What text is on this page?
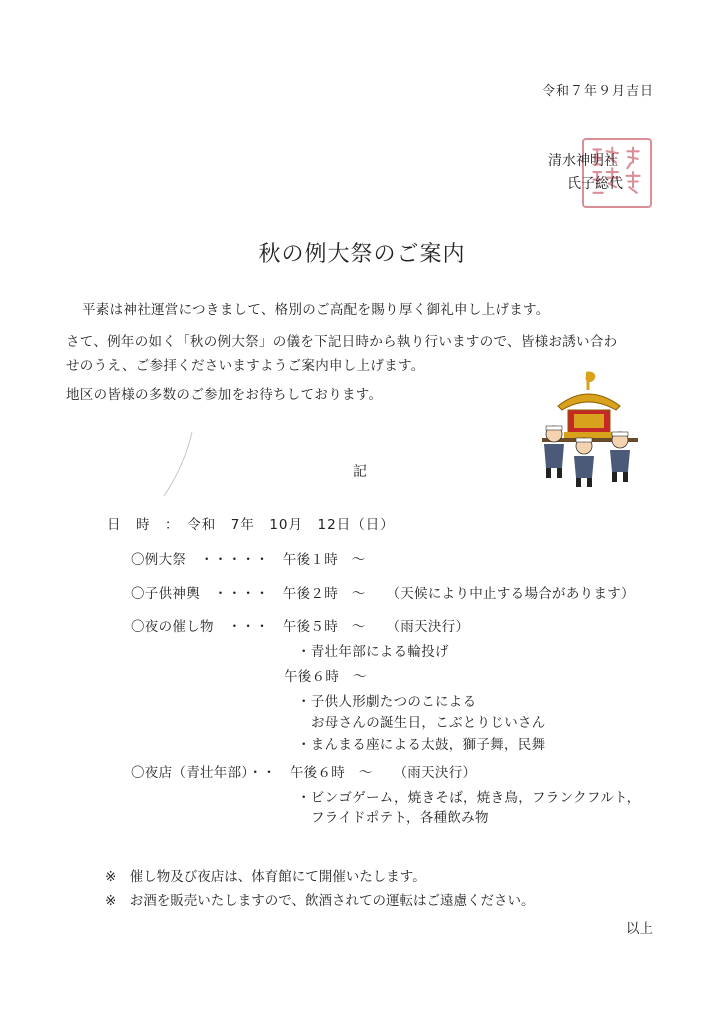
令和７年９月吉日
清水神明社
氏子総代
秋の例大祭のご案内
平素は神社運営につきまして、格別のご高配を賜り厚く御礼申し上げます。
さて、例年の如く「秋の例大祭」の儀を下記日時から執り行いますので、皆様お誘い合わ
せのうえ、ご参拝くださいますようご案内申し上げます。
地区の皆様の多数のご参加をお待ちしております。
記
日　時　：　令和　7年　10月　12日（日）
〇例大祭　・・・・・　午後１時　～
〇子供神輿　・・・・　午後２時　～　　（天候により中止する場合があります）
〇夜の催し物　・・・　午後５時　～　　（雨天決行）
・青壮年部による輪投げ
午後６時　～
・子供人形劇たつのこによる
お母さんの誕生日，こぶとりじいさん
・まんまる座による太鼓，獅子舞，民舞
〇夜店（青壮年部）・・　午後６時　～　　（雨天決行）
・ビンゴゲーム，焼きそば，焼き鳥，フランクフルト，
フライドポテト，各種飲み物
※　催し物及び夜店は、体育館にて開催いたします。
※　お酒を販売いたしますので、飲酒されての運転はご遠慮ください。
以上
